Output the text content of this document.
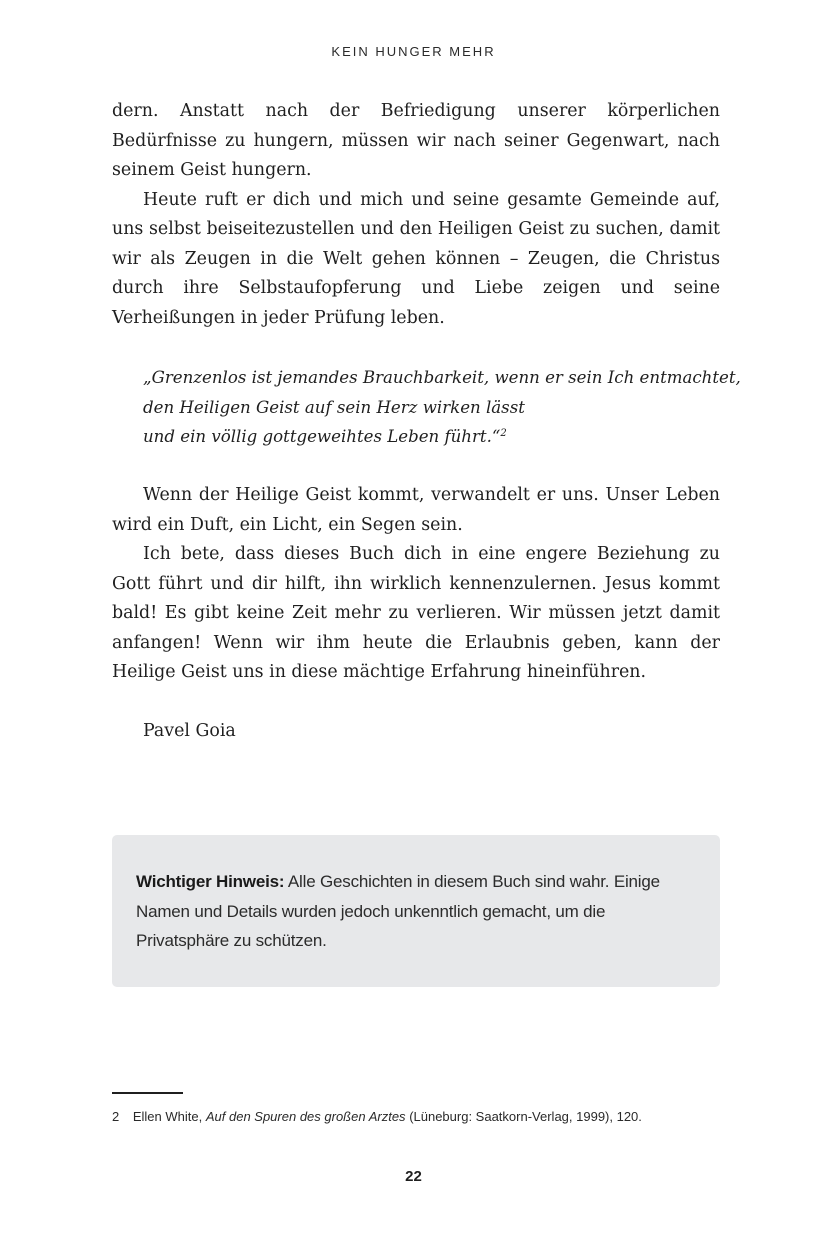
KEIN HUNGER MEHR

dern. Anstatt nach der Befriedigung unserer körperlichen Bedürfnisse zu hungern, müssen wir nach seiner Gegenwart, nach seinem Geist hungern.

Heute ruft er dich und mich und seine gesamte Gemeinde auf, uns selbst beiseitezustellen und den Heiligen Geist zu suchen, damit wir als Zeugen in die Welt gehen können – Zeugen, die Christus durch ihre Selbstaufopferung und Liebe zeigen und seine Verheißungen in jeder Prüfung leben.

„Grenzenlos ist jemandes Brauchbarkeit, wenn er sein Ich entmachtet,
den Heiligen Geist auf sein Herz wirken lässt
und ein völlig gottgeweihtes Leben führt.“$^2$

Wenn der Heilige Geist kommt, verwandelt er uns. Unser Leben wird ein Duft, ein Licht, ein Segen sein.

Ich bete, dass dieses Buch dich in eine engere Beziehung zu Gott führt und dir hilft, ihn wirklich kennenzulernen. Jesus kommt bald! Es gibt keine Zeit mehr zu verlieren. Wir müssen jetzt damit anfangen! Wenn wir ihm heute die Erlaubnis geben, kann der Heilige Geist uns in diese mächtige Erfahrung hineinführen.

Pavel Goia
Wichtiger Hinweis: Alle Geschichten in diesem Buch sind wahr. Einige Namen und Details wurden jedoch unkenntlich gemacht, um die Privatsphäre zu schützen.
2 Ellen White, Auf den Spuren des großen Arztes (Lüneburg: Saatkorn-Verlag, 1999), 120.
22
